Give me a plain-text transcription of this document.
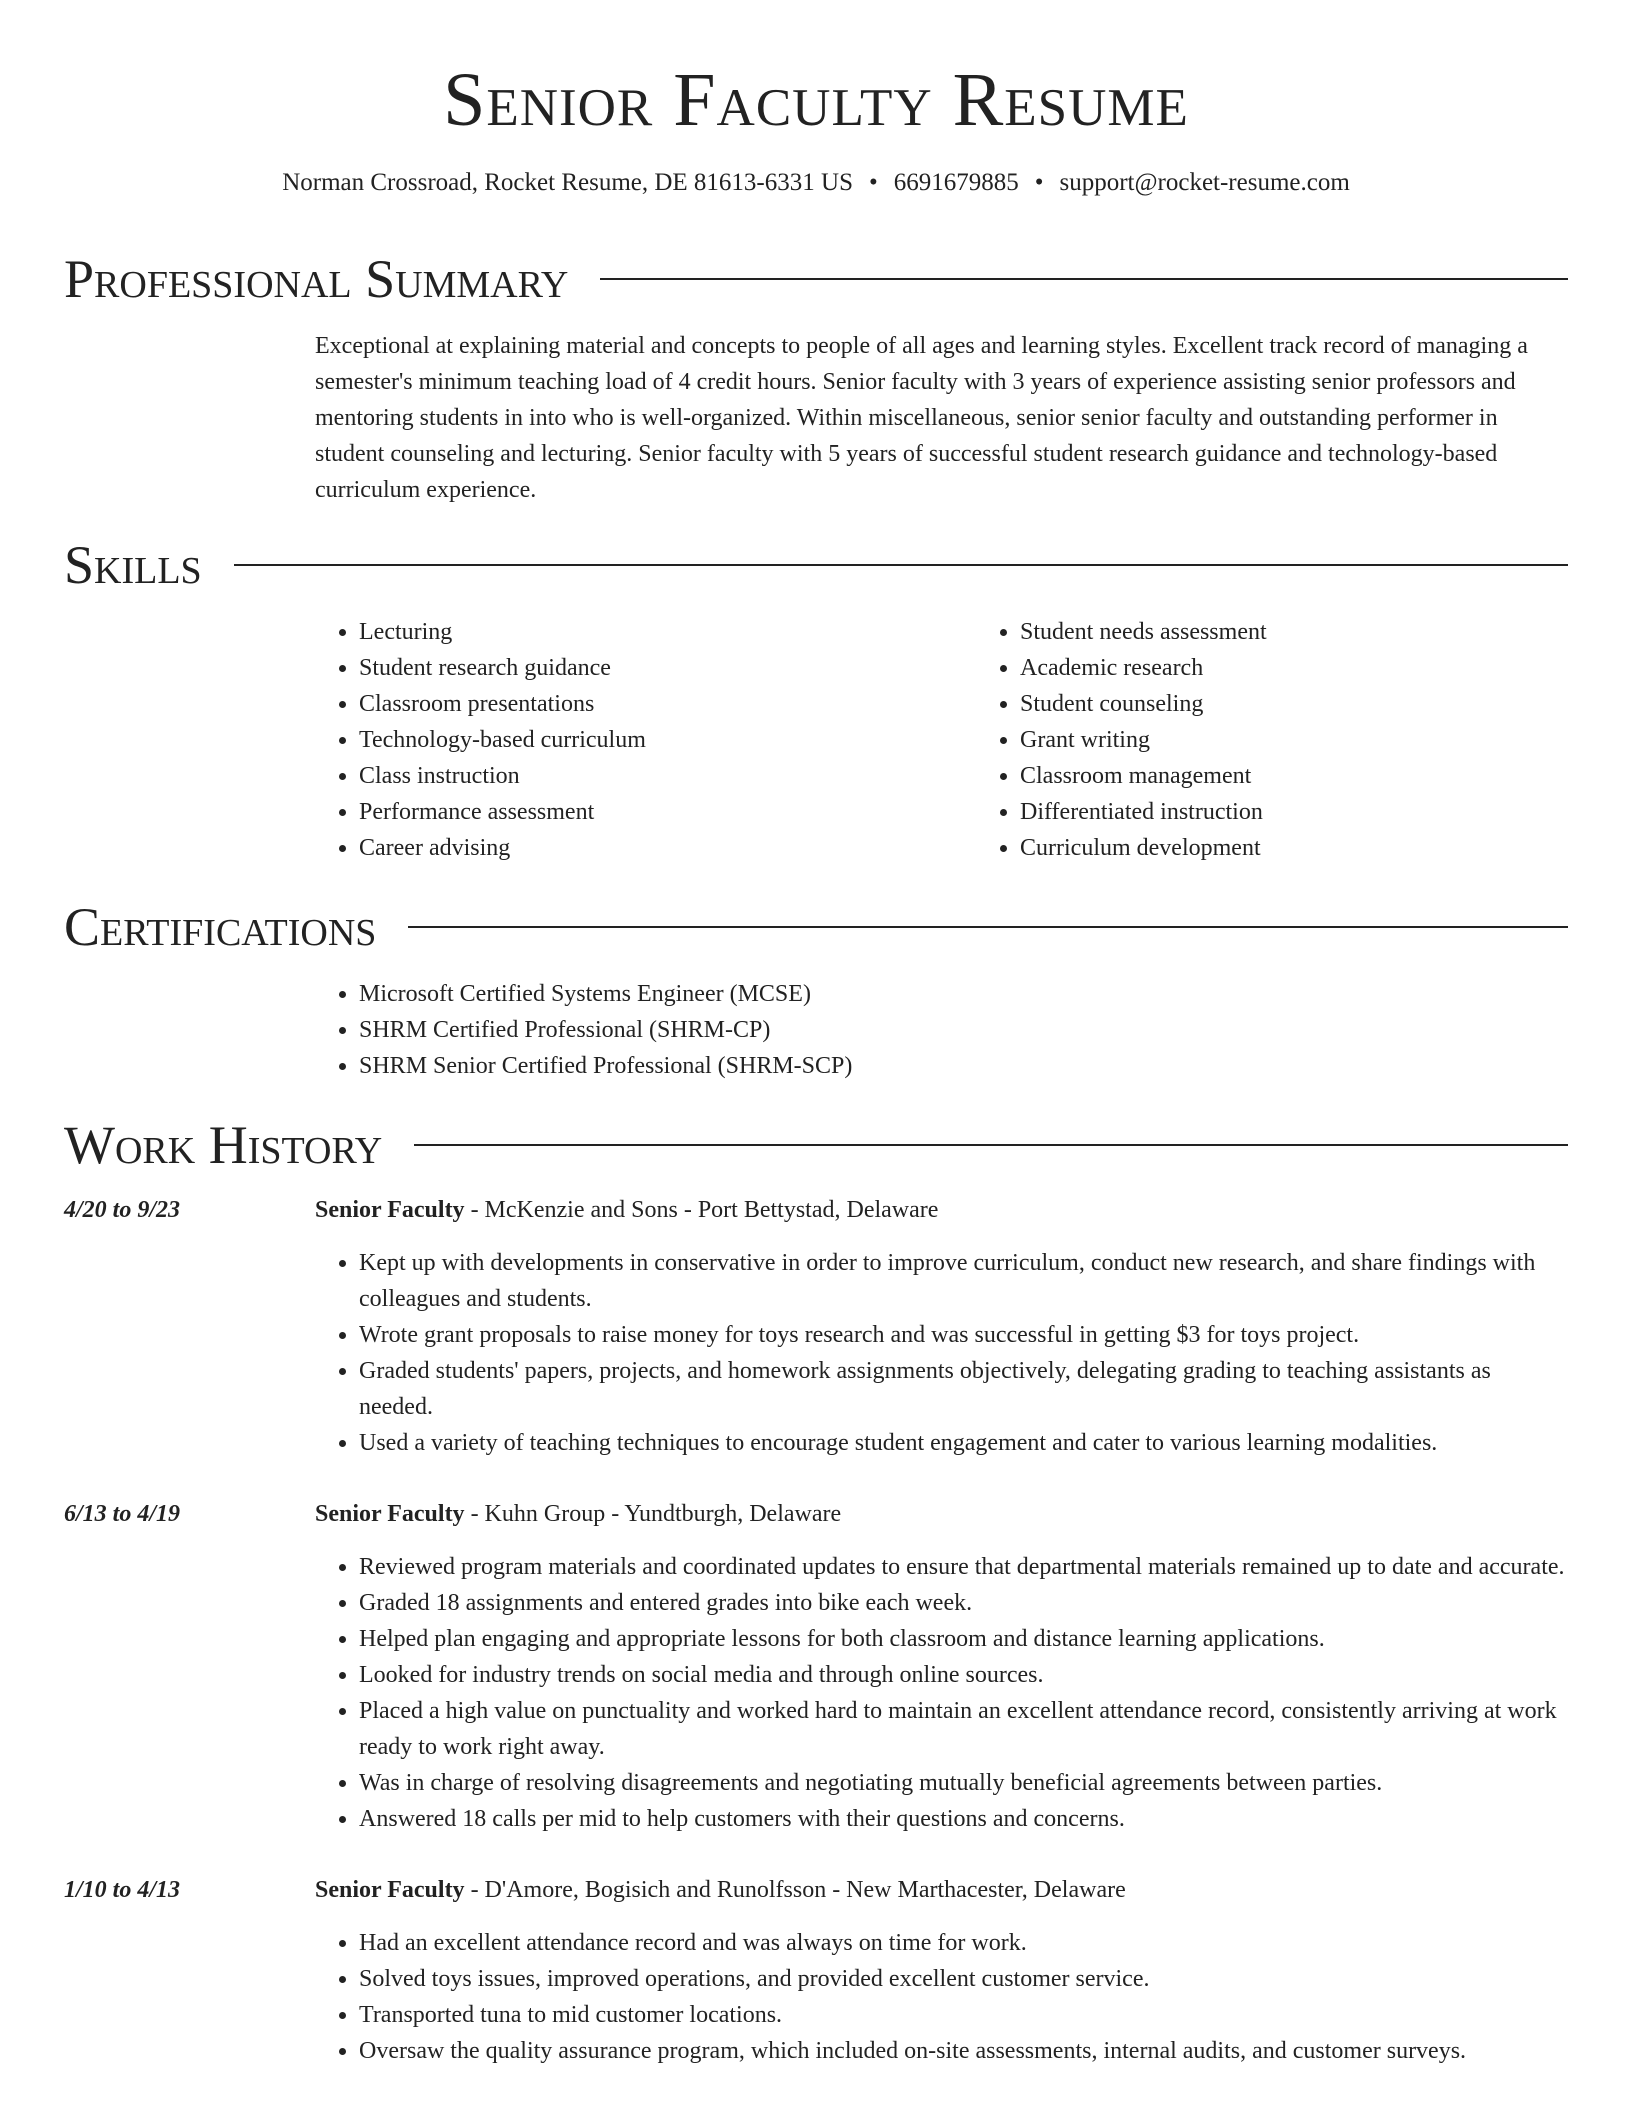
Senior Faculty Resume
Norman Crossroad, Rocket Resume, DE 81613-6331 US • 6691679885 • support@rocket-resume.com
Professional Summary

Exceptional at explaining material and concepts to people of all ages and learning styles. Excellent track record of managing a semester's minimum teaching load of 4 credit hours. Senior faculty with 3 years of experience assisting senior professors and mentoring students in into who is well-organized. Within miscellaneous, senior senior faculty and outstanding performer in student counseling and lecturing. Senior faculty with 5 years of successful student research guidance and technology-based curriculum experience.

Skills
• Lecturing
• Student research guidance
• Classroom presentations
• Technology-based curriculum
• Class instruction
• Performance assessment
• Career advising
• Student needs assessment
• Academic research
• Student counseling
• Grant writing
• Classroom management
• Differentiated instruction
• Curriculum development
Certifications
• Microsoft Certified Systems Engineer (MCSE)
• SHRM Certified Professional (SHRM-CP)
• SHRM Senior Certified Professional (SHRM-SCP)
Work History
4/20 to 9/23	Senior Faculty - McKenzie and Sons - Port Bettystad, Delaware
• Kept up with developments in conservative in order to improve curriculum, conduct new research, and share findings with colleagues and students.
• Wrote grant proposals to raise money for toys research and was successful in getting $3 for toys project.
• Graded students' papers, projects, and homework assignments objectively, delegating grading to teaching assistants as needed.
• Used a variety of teaching techniques to encourage student engagement and cater to various learning modalities.
6/13 to 4/19	Senior Faculty - Kuhn Group - Yundtburgh, Delaware
• Reviewed program materials and coordinated updates to ensure that departmental materials remained up to date and accurate.
• Graded 18 assignments and entered grades into bike each week.
• Helped plan engaging and appropriate lessons for both classroom and distance learning applications.
• Looked for industry trends on social media and through online sources.
• Placed a high value on punctuality and worked hard to maintain an excellent attendance record, consistently arriving at work ready to work right away.
• Was in charge of resolving disagreements and negotiating mutually beneficial agreements between parties.
• Answered 18 calls per mid to help customers with their questions and concerns.
1/10 to 4/13	Senior Faculty - D'Amore, Bogisich and Runolfsson - New Marthacester, Delaware
• Had an excellent attendance record and was always on time for work.
• Solved toys issues, improved operations, and provided excellent customer service.
• Transported tuna to mid customer locations.
• Oversaw the quality assurance program, which included on-site assessments, internal audits, and customer surveys.
